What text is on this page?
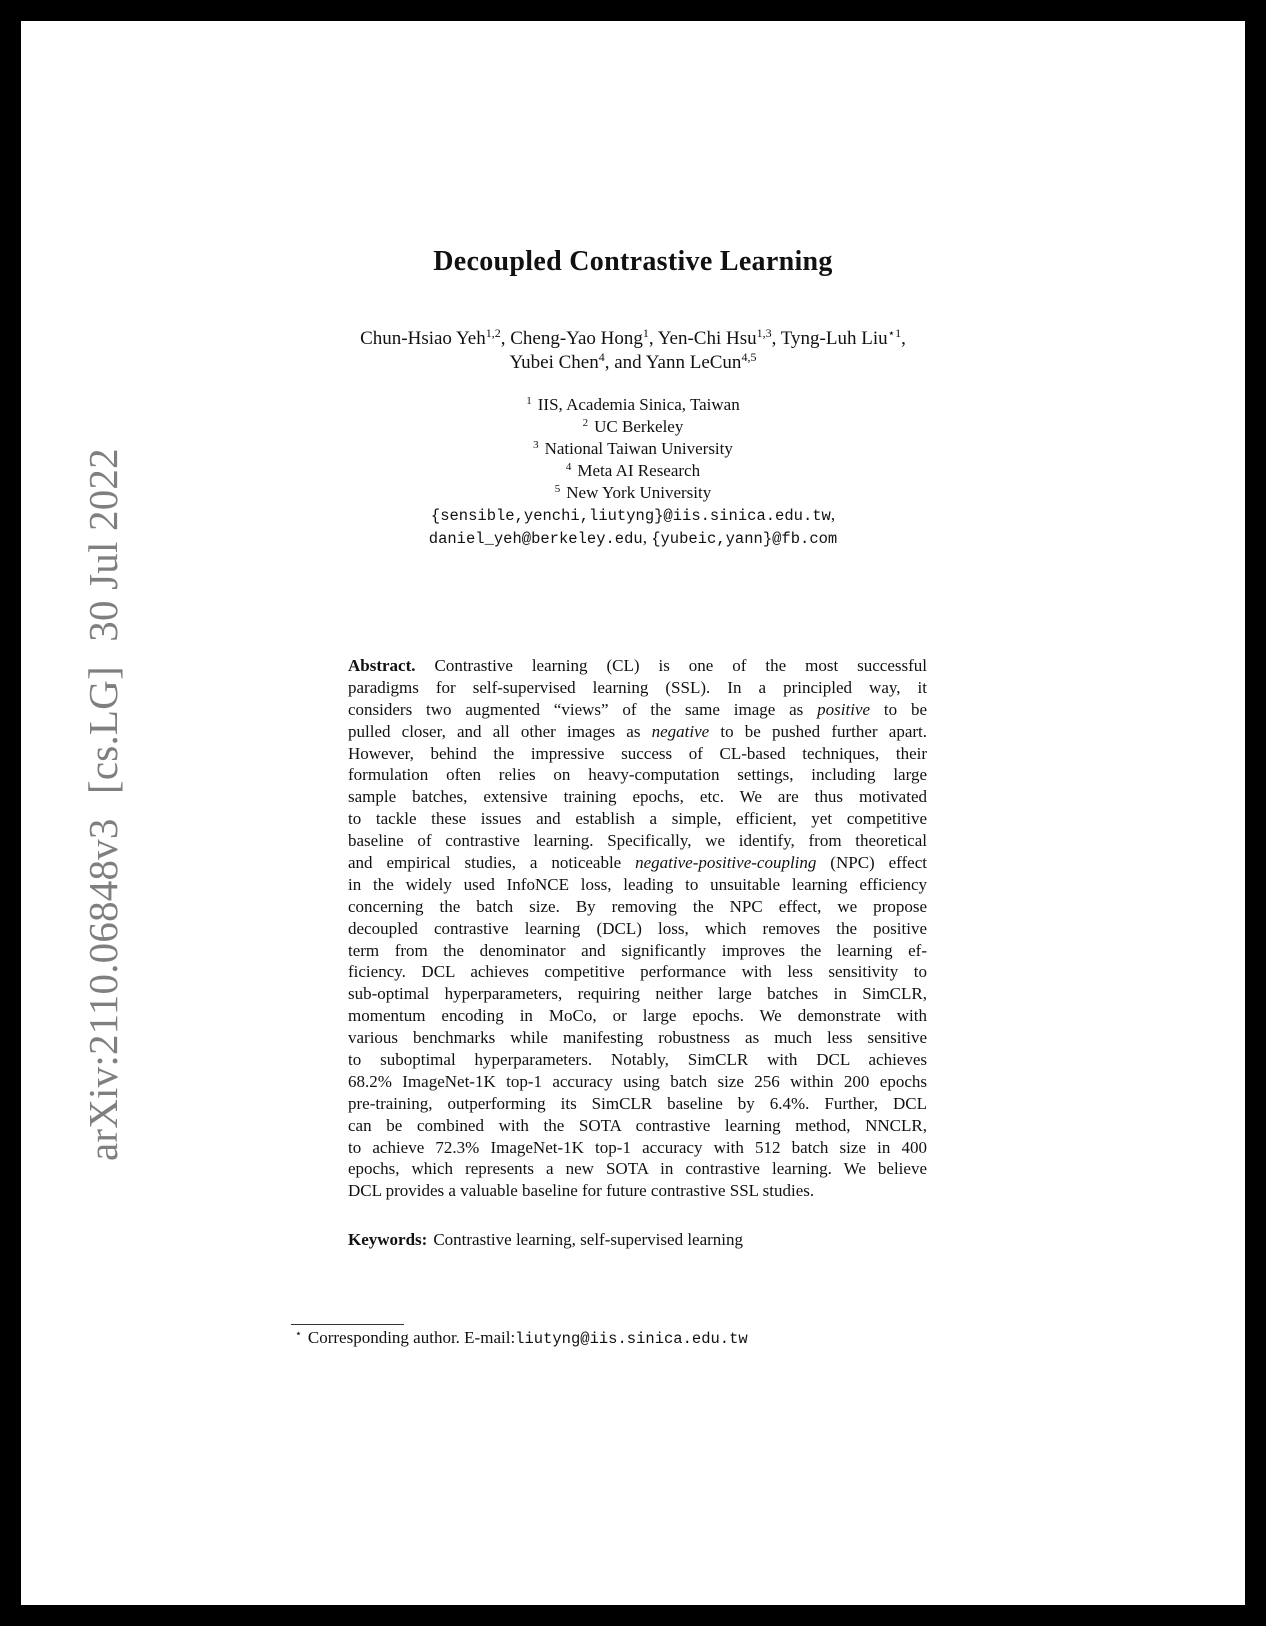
arXiv:2110.06848v3 [cs.LG] 30 Jul 2022
Decoupled Contrastive Learning
Chun-Hsiao Yeh$^{1,2}$, Cheng-Yao Hong$^1$, Yen-Chi Hsu$^{1,3}$, Tyng-Luh Liu$^{⋆1}$,
Yubei Chen$^4$, and Yann LeCun$^{4,5}$
$^1$ IIS, Academia Sinica, Taiwan
$^2$ UC Berkeley
$^3$ National Taiwan University
$^4$ Meta AI Research
$^5$ New York University
{sensible,yenchi,liutyng}@iis.sinica.edu.tw,
daniel_yeh@berkeley.edu, {yubeic,yann}@fb.com
Abstract. Contrastive learning (CL) is one of the most successful
paradigms for self-supervised learning (SSL). In a principled way, it
considers two augmented “views” of the same image as positive to be
pulled closer, and all other images as negative to be pushed further apart.
However, behind the impressive success of CL-based techniques, their
formulation often relies on heavy-computation settings, including large
sample batches, extensive training epochs, etc. We are thus motivated
to tackle these issues and establish a simple, efficient, yet competitive
baseline of contrastive learning. Specifically, we identify, from theoretical
and empirical studies, a noticeable negative-positive-coupling (NPC) effect
in the widely used InfoNCE loss, leading to unsuitable learning efficiency
concerning the batch size. By removing the NPC effect, we propose
decoupled contrastive learning (DCL) loss, which removes the positive
term from the denominator and significantly improves the learning ef-
ficiency. DCL achieves competitive performance with less sensitivity to
sub-optimal hyperparameters, requiring neither large batches in SimCLR,
momentum encoding in MoCo, or large epochs. We demonstrate with
various benchmarks while manifesting robustness as much less sensitive
to suboptimal hyperparameters. Notably, SimCLR with DCL achieves
68.2% ImageNet-1K top-1 accuracy using batch size 256 within 200 epochs
pre-training, outperforming its SimCLR baseline by 6.4%. Further, DCL
can be combined with the SOTA contrastive learning method, NNCLR,
to achieve 72.3% ImageNet-1K top-1 accuracy with 512 batch size in 400
epochs, which represents a new SOTA in contrastive learning. We believe
DCL provides a valuable baseline for future contrastive SSL studies.
Keywords: Contrastive learning, self-supervised learning
⋆ Corresponding author. E-mail:liutyng@iis.sinica.edu.tw
